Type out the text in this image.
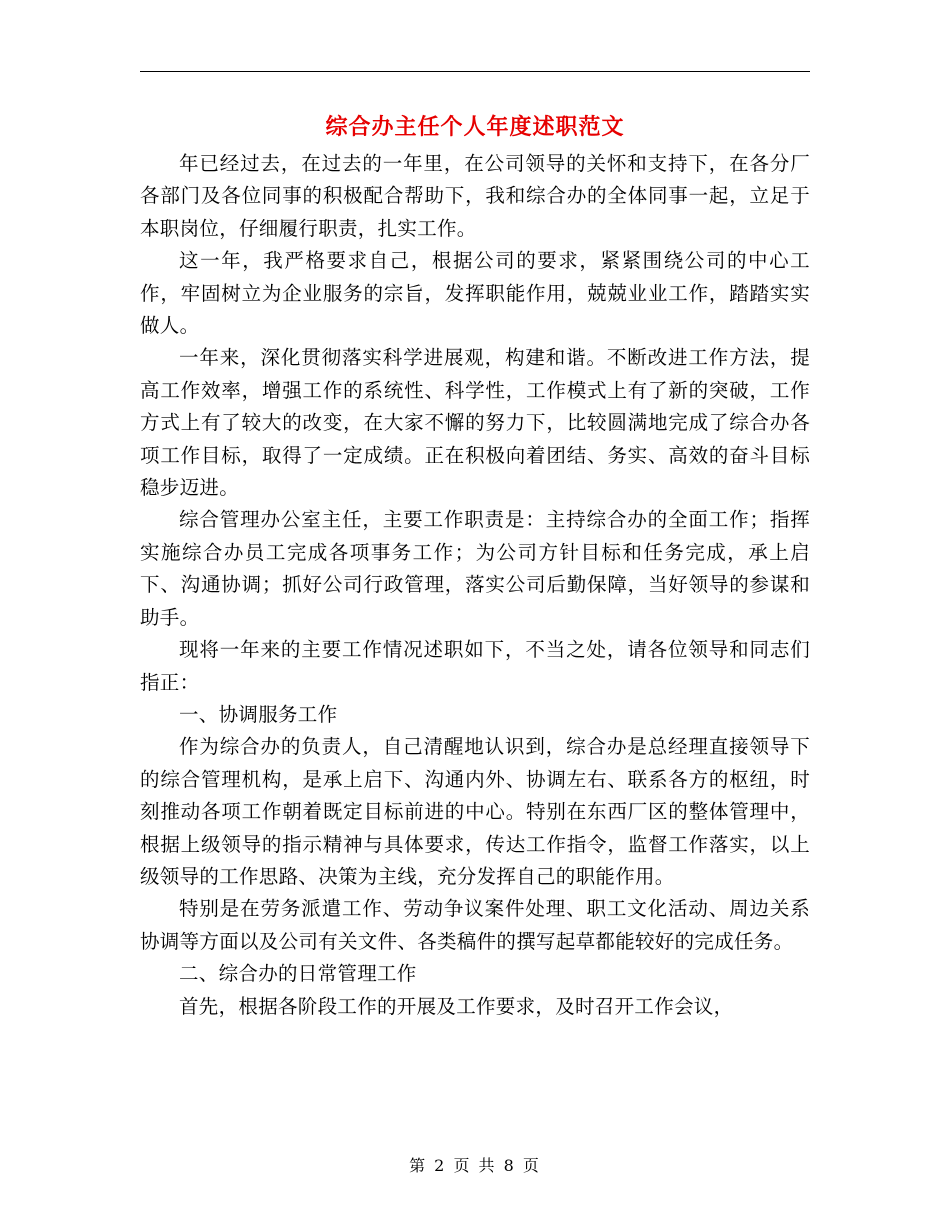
综合办主任个人年度述职范文

年已经过去，在过去的一年里，在公司领导的关怀和支持下，在各分厂各部门及各位同事的积极配合帮助下，我和综合办的全体同事一起，立足于本职岗位，仔细履行职责，扎实工作。

这一年，我严格要求自己，根据公司的要求，紧紧围绕公司的中心工作，牢固树立为企业服务的宗旨，发挥职能作用，兢兢业业工作，踏踏实实做人。

一年来，深化贯彻落实科学进展观，构建和谐。不断改进工作方法，提高工作效率，增强工作的系统性、科学性，工作模式上有了新的突破，工作方式上有了较大的改变，在大家不懈的努力下，比较圆满地完成了综合办各项工作目标，取得了一定成绩。正在积极向着团结、务实、高效的奋斗目标稳步迈进。

综合管理办公室主任，主要工作职责是：主持综合办的全面工作；指挥实施综合办员工完成各项事务工作；为公司方针目标和任务完成，承上启下、沟通协调；抓好公司行政管理，落实公司后勤保障，当好领导的参谋和助手。

现将一年来的主要工作情况述职如下，不当之处，请各位领导和同志们指正：

一、协调服务工作

作为综合办的负责人，自己清醒地认识到，综合办是总经理直接领导下的综合管理机构，是承上启下、沟通内外、协调左右、联系各方的枢纽，时刻推动各项工作朝着既定目标前进的中心。特别在东西厂区的整体管理中，根据上级领导的指示精神与具体要求，传达工作指令，监督工作落实，以上级领导的工作思路、决策为主线，充分发挥自己的职能作用。

特别是在劳务派遣工作、劳动争议案件处理、职工文化活动、周边关系协调等方面以及公司有关文件、各类稿件的撰写起草都能较好的完成任务。

二、综合办的日常管理工作

首先，根据各阶段工作的开展及工作要求，及时召开工作会议，

第 2 页 共 8 页
